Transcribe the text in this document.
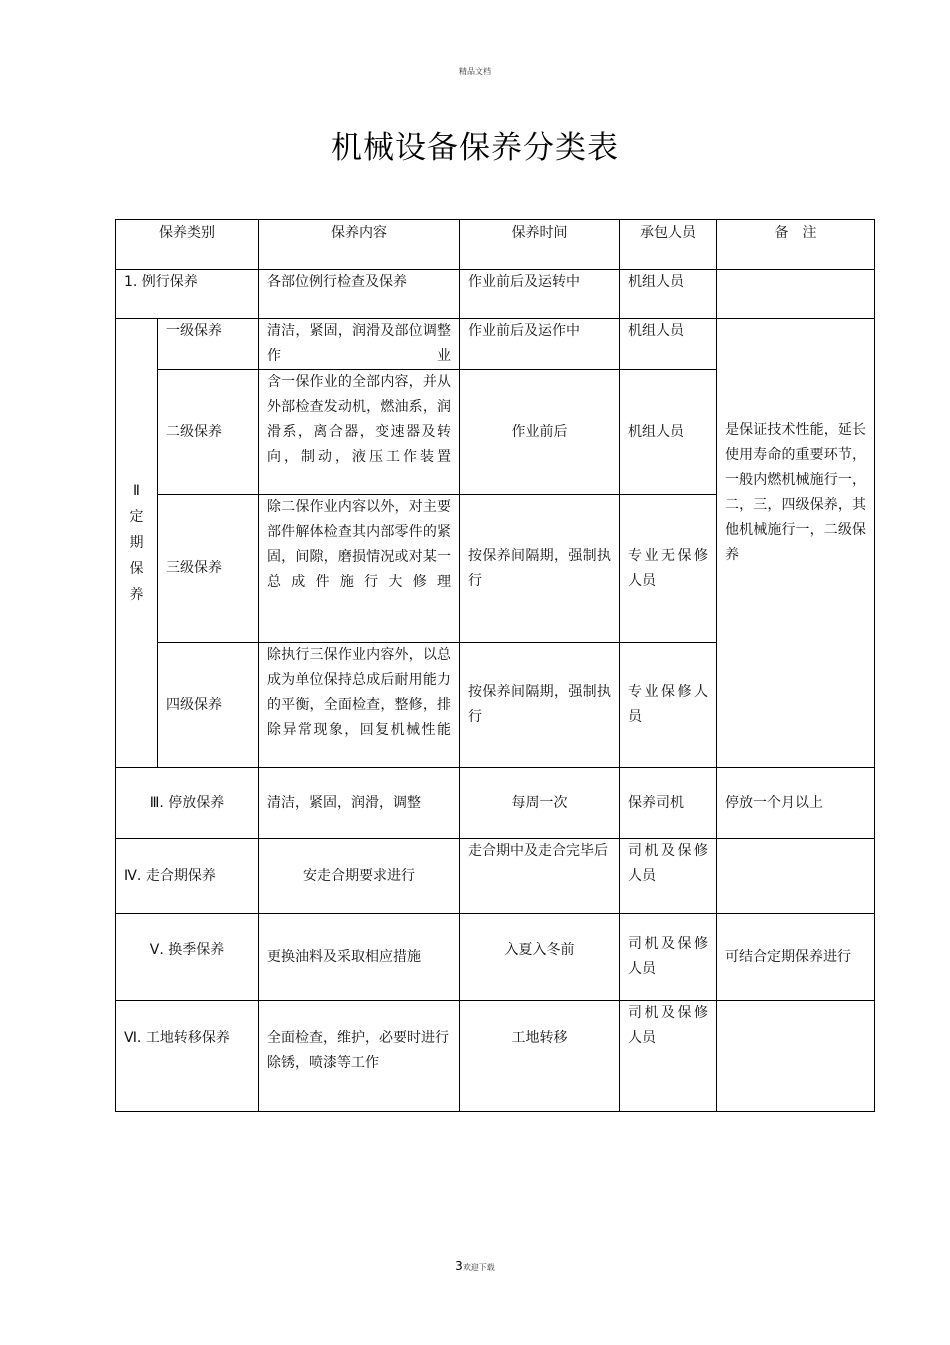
精品文档
机械设备保养分类表
保养类别		保养内容	保养时间	承包人员	备　注
1. 例行保养		各部位例行检查及保养	作业前后及运转中	机组人员	

Ⅱ定期保养	一级保养	清洁，紧固，润滑及部位调整作业	作业前后及运作中	机组人员	是保证技术性能，延长使用寿命的重要环节，一般内燃机械施行一，二，三，四级保养，其他机械施行一，二级保养
	二级保养	含一保作业的全部内容，并从外部检查发动机，燃油系，润滑系，离合器，变速器及转向，制动，液压工作装置	作业前后	机组人员	
	三级保养	除二保作业内容以外，对主要部件解体检查其内部零件的紧固，间隙，磨损情况或对某一总成件施行大修理	按保养间隔期，强制执行	专业无保修人员	
	四级保养	除执行三保作业内容外，以总成为单位保持总成后耐用能力的平衡，全面检查，整修，排除异常现象，回复机械性能	按保养间隔期，强制执行	专业保修人员	
Ⅲ. 停放保养		清洁，紧固，润滑，调整	每周一次	保养司机	停放一个月以上
Ⅳ. 走合期保养		安走合期要求进行	走合期中及走合完毕后	司机及保修人员	
Ⅴ. 换季保养		更换油料及采取相应措施	入夏入冬前	司机及保修人员	可结合定期保养进行
Ⅵ. 工地转移保养		全面检查，维护，必要时进行除锈，喷漆等工作	工地转移	司机及保修人员	
3欢迎下载
